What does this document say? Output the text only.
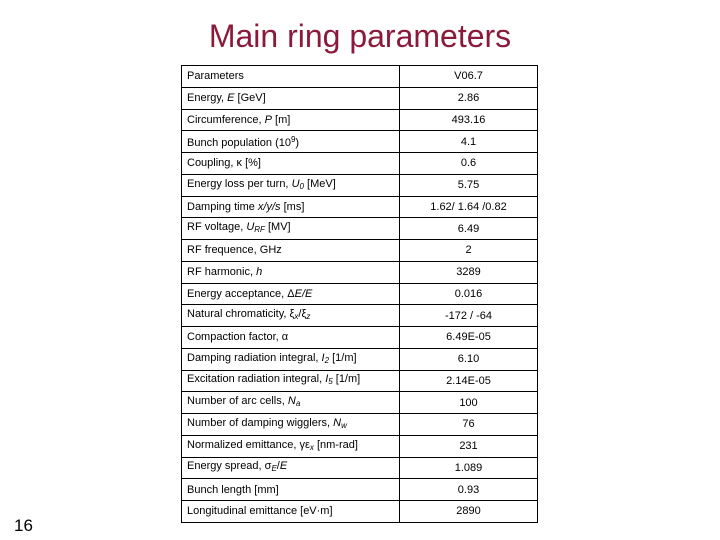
Main ring parameters
Parameters	V06.7
Energy, E [GeV]	2.86
Circumference, P [m]	493.16
Bunch population $(10^9)$	4.1
Coupling, κ [%]	0.6
Energy loss per turn, $U_0$ [MeV]	5.75
Damping time x/y/s [ms]	1.62/ 1.64 /0.82
RF voltage, $U_{RF}$ [MV]	6.49
RF frequence, GHz	2
RF harmonic, h	3289
Energy acceptance, ΔE/E	0.016
Natural chromaticity, $\xi_x/\xi_z$	-172 / -64
Compaction factor, α	6.49E-05
Damping radiation integral, $I_2$ [1/m]	6.10
Excitation radiation integral, $I_5$ [1/m]	2.14E-05
Number of arc cells, $N_a$	100
Number of damping wigglers, $N_w$	76
Normalized emittance, $\gamma\varepsilon_x$ [nm-rad]	231
Energy spread, $\sigma_E/E$	1.089
Bunch length [mm]	0.93
Longitudinal emittance [eV·m]	2890
16
